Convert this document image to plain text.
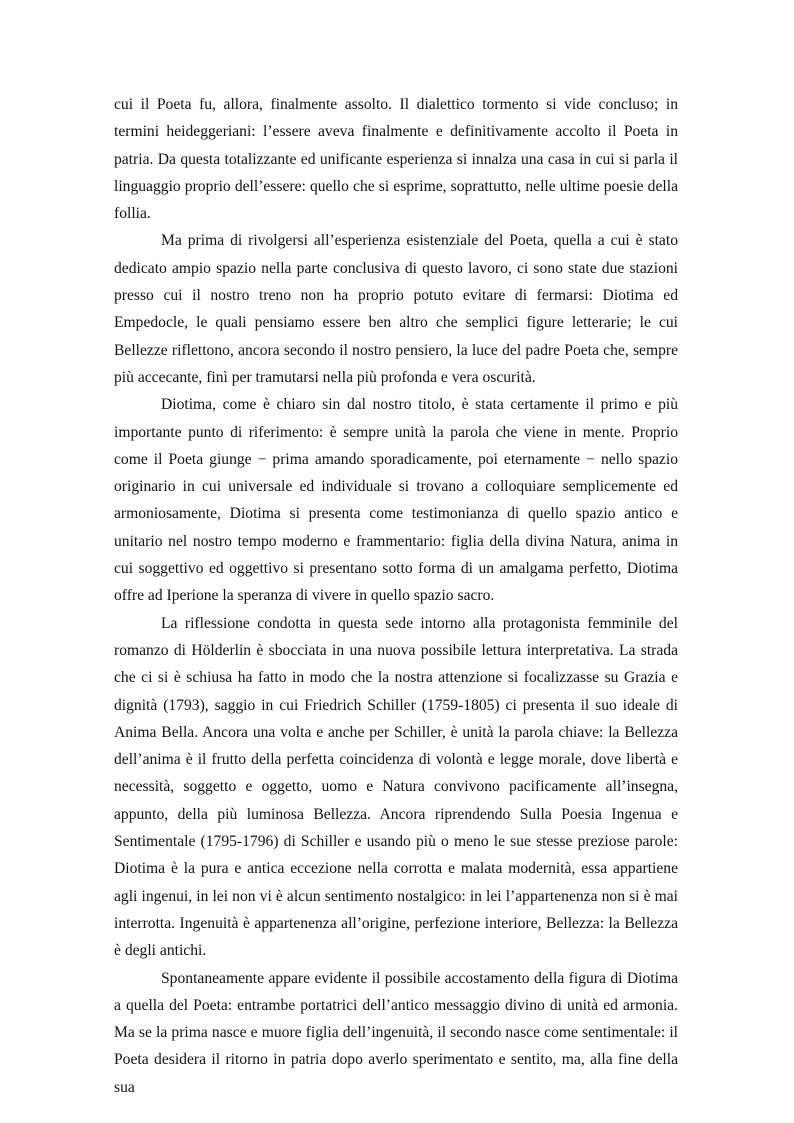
cui il Poeta fu, allora, finalmente assolto. Il dialettico tormento si vide concluso; in termini heideggeriani: l’essere aveva finalmente e definitivamente accolto il Poeta in patria. Da questa totalizzante ed unificante esperienza si innalza una casa in cui si parla il linguaggio proprio dell’essere: quello che si esprime, soprattutto, nelle ultime poesie della follia.

Ma prima di rivolgersi all’esperienza esistenziale del Poeta, quella a cui è stato dedicato ampio spazio nella parte conclusiva di questo lavoro, ci sono state due stazioni presso cui il nostro treno non ha proprio potuto evitare di fermarsi: Diotima ed Empedocle, le quali pensiamo essere ben altro che semplici figure letterarie; le cui Bellezze riflettono, ancora secondo il nostro pensiero, la luce del padre Poeta che, sempre più accecante, finì per tramutarsi nella più profonda e vera oscurità.

Diotima, come è chiaro sin dal nostro titolo, è stata certamente il primo e più importante punto di riferimento: è sempre unità la parola che viene in mente. Proprio come il Poeta giunge − prima amando sporadicamente, poi eternamente − nello spazio originario in cui universale ed individuale si trovano a colloquiare semplicemente ed armoniosamente, Diotima si presenta come testimonianza di quello spazio antico e unitario nel nostro tempo moderno e frammentario: figlia della divina Natura, anima in cui soggettivo ed oggettivo si presentano sotto forma di un amalgama perfetto, Diotima offre ad Iperione la speranza di vivere in quello spazio sacro.

La riflessione condotta in questa sede intorno alla protagonista femminile del romanzo di Hölderlin è sbocciata in una nuova possibile lettura interpretativa. La strada che ci si è schiusa ha fatto in modo che la nostra attenzione si focalizzasse su Grazia e dignità (1793), saggio in cui Friedrich Schiller (1759-1805) ci presenta il suo ideale di Anima Bella. Ancora una volta e anche per Schiller, è unità la parola chiave: la Bellezza dell’anima è il frutto della perfetta coincidenza di volontà e legge morale, dove libertà e necessità, soggetto e oggetto, uomo e Natura convivono pacificamente all’insegna, appunto, della più luminosa Bellezza. Ancora riprendendo Sulla Poesia Ingenua e Sentimentale (1795-1796) di Schiller e usando più o meno le sue stesse preziose parole: Diotima è la pura e antica eccezione nella corrotta e malata modernità, essa appartiene agli ingenui, in lei non vi è alcun sentimento nostalgico: in lei l’appartenenza non si è mai interrotta. Ingenuità è appartenenza all’origine, perfezione interiore, Bellezza: la Bellezza è degli antichi.

Spontaneamente appare evidente il possibile accostamento della figura di Diotima a quella del Poeta: entrambe portatrici dell’antico messaggio divino di unità ed armonia. Ma se la prima nasce e muore figlia dell’ingenuità, il secondo nasce come sentimentale: il Poeta desidera il ritorno in patria dopo averlo sperimentato e sentito, ma, alla fine della sua
